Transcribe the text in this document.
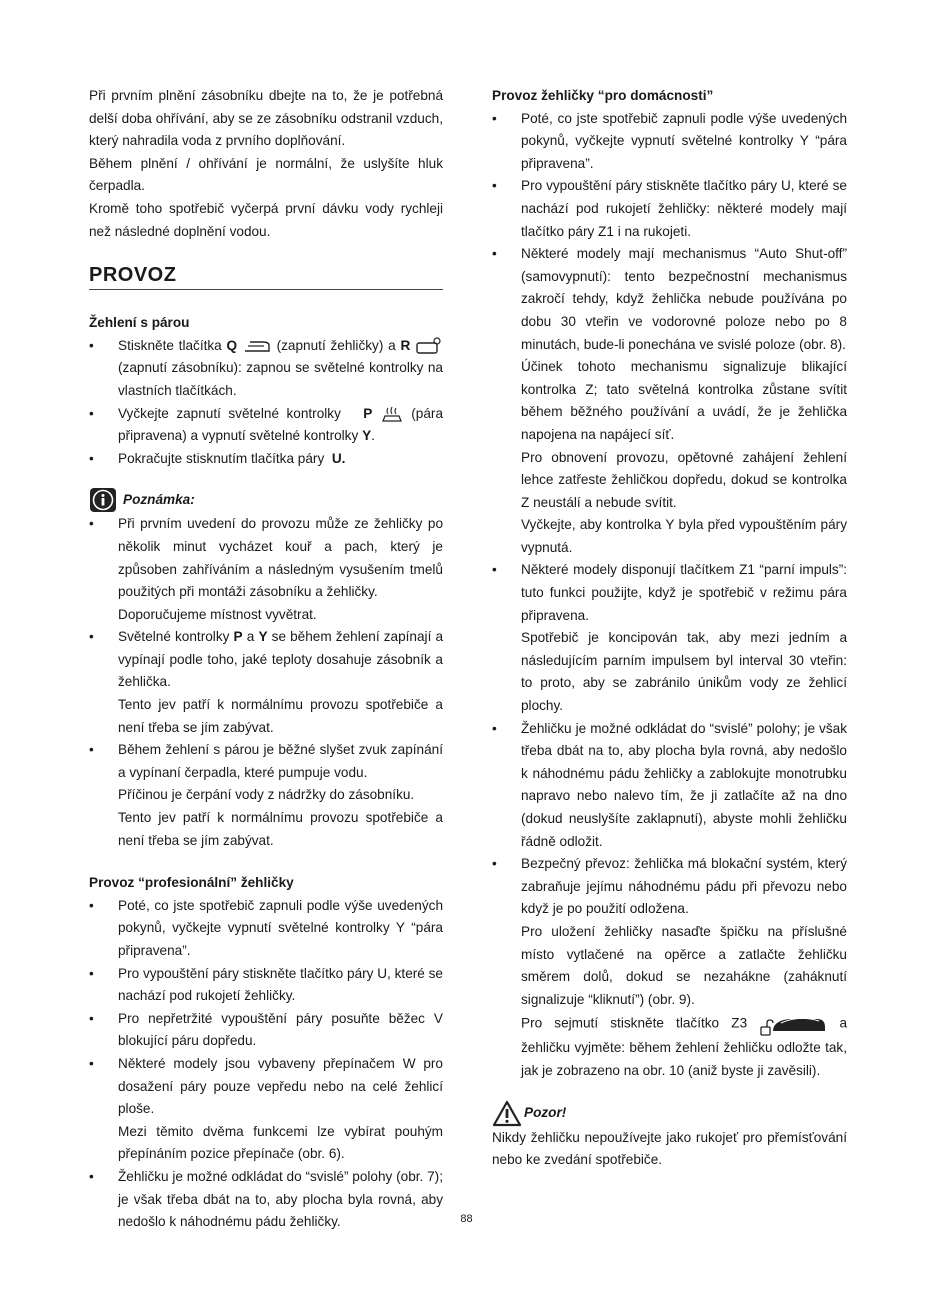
Při prvním plnění zásobníku dbejte na to, že je potřebná delší doba ohřívání, aby se ze zásobníku odstranil vzduch, který nahradila voda z prvního doplňování.

Během plnění / ohřívání je normální, že uslyšíte hluk čerpadla.

Kromě toho spotřebič vyčerpá první dávku vody rychleji než následné doplnění vodou.

PROVOZ
Žehlení s párou
• Stiskněte tlačítka Q	(zapnutí žehličky) a R  (zapnutí zásobníku): zapnou se světelné kontrolky na vlastních tlačítkách.
• Vyčkejte zapnutí světelné kontrolky P	(pára připravena) a vypnutí světelné kontrolky Y.
• Pokračujte stisknutím tlačítka páry U.
Poznámka:
• Při prvním uvedení do provozu může ze žehličky po několik minut vycházet kouř a pach, který je způsoben zahříváním a následným vysušením tmelů použitých při montáži zásobníku a žehličky.
Doporučujeme místnost vyvětrat.
• Světelné kontrolky P a Y se během žehlení zapínají a vypínají podle toho, jaké teploty dosahuje zásobník a žehlička.
Tento jev patří k normálnímu provozu spotřebiče a není třeba se jím zabývat.
• Během žehlení s párou je běžné slyšet zvuk zapínání a vypínaní čerpadla, které pumpuje vodu.
Příčinou je čerpání vody z nádržky do zásobníku.
Tento jev patří k normálnímu provozu spotřebiče a není třeba se jím zabývat.
Provoz “profesionální” žehličky
• Poté, co jste spotřebič zapnuli podle výše uvedených pokynů, vyčkejte vypnutí světelné kontrolky Y “pára připravena”.
• Pro vypouštění páry stiskněte tlačítko páry U, které se nachází pod rukojetí žehličky.
• Pro nepřetržité vypouštění páry posuňte běžec V blokující páru dopředu.
• Některé modely jsou vybaveny přepínačem W pro dosažení páry pouze vepředu nebo na celé žehlicí ploše.
Mezi těmito dvěma funkcemi lze vybírat pouhým přepínáním pozice přepínače (obr. 6).
• Žehličku je možné odkládat do “svislé” polohy (obr. 7); je však třeba dbát na to, aby plocha byla rovná, aby nedošlo k náhodnému pádu žehličky.
Provoz žehličky “pro domácnosti”
• Poté, co jste spotřebič zapnuli podle výše uvedených pokynů, vyčkejte vypnutí světelné kontrolky Y “pára připravena”.
• Pro vypouštění páry stiskněte tlačítko páry U, které se nachází pod rukojetí žehličky: některé modely mají tlačítko páry Z1 i na rukojeti.
• Některé modely mají mechanismus “Auto Shut-off” (samovypnutí): tento bezpečnostní mechanismus zakročí tehdy, když žehlička nebude používána po dobu 30 vteřin ve vodorovné poloze nebo po 8 minutách, bude-li ponechána ve svislé poloze (obr. 8).
Účinek tohoto mechanismu signalizuje blikající kontrolka Z; tato světelná kontrolka zůstane svítit během běžného používání a uvádí, že je žehlička napojena na napájecí síť.
Pro obnovení provozu, opětovné zahájení žehlení lehce zatřeste žehličkou dopředu, dokud se kontrolka Z neustálí a nebude svítit.
Vyčkejte, aby kontrolka Y byla před vypouštěním páry vypnutá.
• Některé modely disponují tlačítkem Z1 “parní impuls”: tuto funkci použijte, když je spotřebič v režimu pára připravena.
Spotřebič je koncipován tak, aby mezi jedním a následujícím parním impulsem byl interval 30 vteřin: to proto, aby se zabránilo únikům vody ze žehlicí plochy.
• Žehličku je možné odkládat do “svislé” polohy; je však třeba dbát na to, aby plocha byla rovná, aby nedošlo k náhodnému pádu žehličky a zablokujte monotrubku napravo nebo nalevo tím, že ji zatlačíte až na dno (dokud neuslyšíte zaklapnutí), abyste mohli žehličku řádně odložit.
• Bezpečný převoz: žehlička má blokační systém, který zabraňuje jejímu náhodnému pádu při převozu nebo když je po použití odložena.
Pro uložení žehličky nasaďte špičku na příslušné místo vytlačené na opěrce a zatlačte žehličku směrem dolů, dokud se nezaháknе (zaháknutí signalizuje “kliknutí”) (obr. 9).
Pro sejmutí stiskněte tlačítko Z3	a žehličku vyjměte: během žehlení žehličku odložte tak, jak je zobrazeno na obr. 10 (aniž byste ji zavěsili).
Pozor!

Nikdy žehličku nepoužívejte jako rukojeť pro přemísťování nebo ke zvedání spotřebiče.

88
